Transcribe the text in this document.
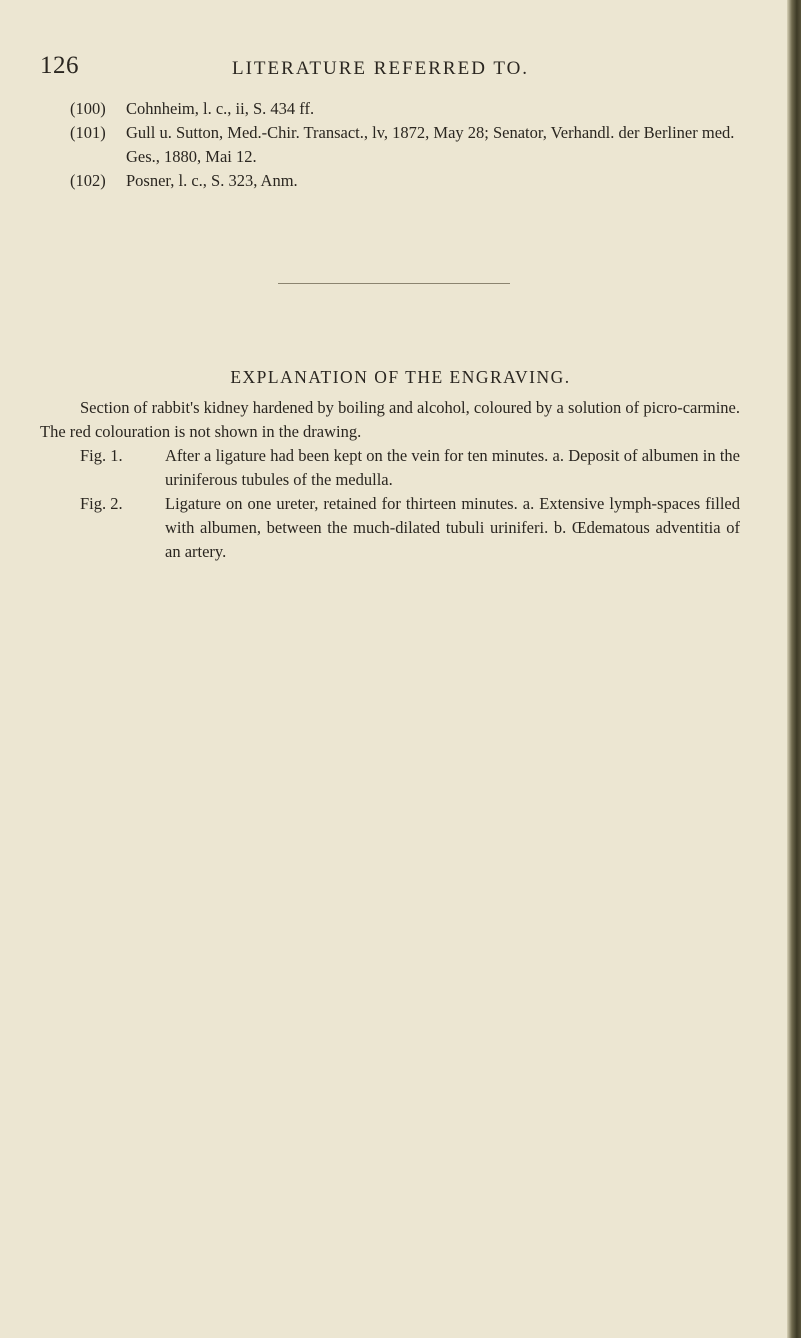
126	LITERATURE REFERRED TO.
(100) Cohnheim, l. c., ii, S. 434 ff.
(101) Gull u. Sutton, Med.-Chir. Transact., lv, 1872, May 28; Senator, Verhandl. der Berliner med. Ges., 1880, Mai 12.
(102) Posner, l. c., S. 323, Anm.
EXPLANATION OF THE ENGRAVING.

Section of rabbit's kidney hardened by boiling and alcohol, coloured by a solution of picro-carmine. The red colouration is not shown in the drawing.

Fig. 1.	After a ligature had been kept on the vein for ten minutes. a. Deposit of albumen in the uriniferous tubules of the medulla.

Fig. 2.	Ligature on one ureter, retained for thirteen minutes. a. Extensive lymph-spaces filled with albumen, between the much-dilated tubuli uriniferi. b. Œdematous adventitia of an artery.
